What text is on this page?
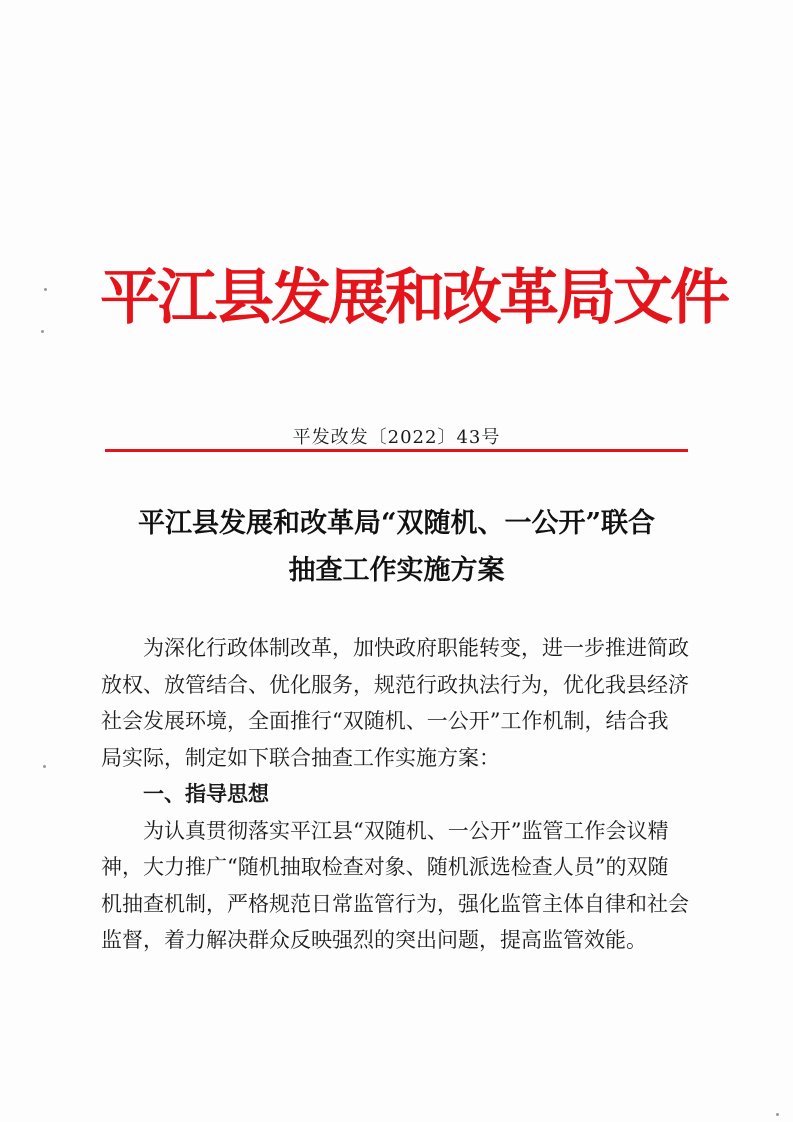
平江县发展和改革局文件
平发改发〔2022〕43号
平江县发展和改革局“双随机、一公开”联合
抽查工作实施方案
为深化行政体制改革，加快政府职能转变，进一步推进简政
放权、放管结合、优化服务，规范行政执法行为，优化我县经济
社会发展环境，全面推行“双随机、一公开”工作机制，结合我
局实际，制定如下联合抽查工作实施方案：
一、指导思想
为认真贯彻落实平江县“双随机、一公开”监管工作会议精
神，大力推广“随机抽取检查对象、随机派选检查人员”的双随
机抽查机制，严格规范日常监管行为，强化监管主体自律和社会
监督，着力解决群众反映强烈的突出问题，提高监管效能。
